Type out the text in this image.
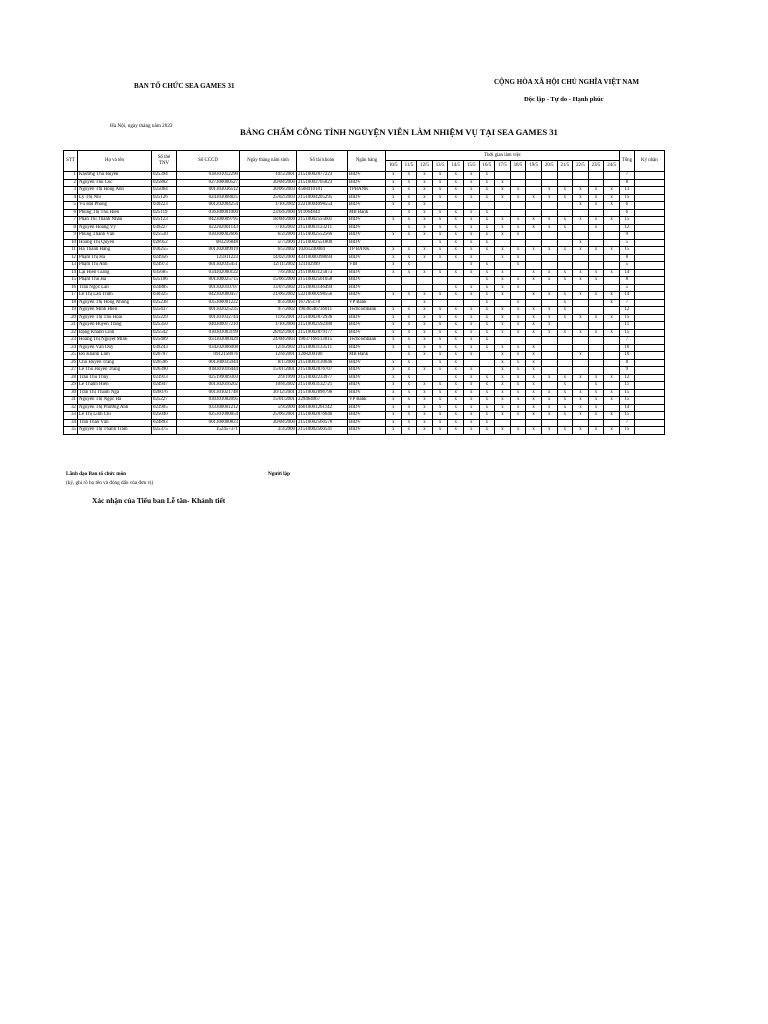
BAN TỔ CHỨC SEA GAMES 31	CỘNG HÒA XÃ HỘI CHỦ NGHĨA VIỆT NAM
Độc lập - Tự do - Hạnh phúc
Hà Nội, ngày tháng năm 2022
BẢNG CHẤM CÔNG TÌNH NGUYỆN VIÊN LÀM NHIỆM VỤ TẠI SEA GAMES 31
STT	Họ và tên	Số thẻ TNV	Số CCCD	Ngày tháng năm sinh	Số tài khoản	Ngân hàng	Thời gian làm việc															Tổng	Ký nhận
							10/5	11/5	12/5	13/5	14/5	15/5	16/5	17/5	18/5	19/5	20/5	21/5	22/5	23/5	24/5		
1	Khương Thu Huyền	025394	038301012290	10/5/2001	21510002877223	BIDV	x	x	x	x	x	x	x									7	
2	Nguyễn Thu Cúc	025802	027300000527	30/08/2000	21510002705823	BIDV	x	x	x	x	x	x	x	x								8	
3	Nguyễn Thị Hồng Anh	025064	001303036512	30/06/2003	4508410101	TPBANK	x	x	x	x	x	x	x	x	x		x	x	x	x	x	13	
4	Lý Thị Nhi	025126	024303008825	25/02/2003	21510004205295	BIDV	x	x	x	x	x	x	x	x	x	x	x	x	x	x	x	15	
5	Vũ Hải Phong	030223	001202004254	1/10/2002	22210004098554	BIDV	x	x	x										x	x	x	6	
6	Phùng Thị Thu Hiền	025119	036300001000	23/04/2000	911064844	MB Bank		x	x	x	x	x	x									6	
7	Phan Thị Thanh Nhàn	025123	042300009795	18/08/2000	21510002555601	BIDV	x	x	x	x	x	x	x	x	x	x	x	x	x	x	x	15	
8	Nguyễn Hoàng Vỹ	030227	022202001143	7/10/2002	21510003123211	BIDV		x	x	x	x	x	x	x	x	x	x	x		x		12	
9	Phùng Thanh Vân	025530	030300002606	6/2/2000	21510002552566	BIDV	x	x	x	x	x	x	x	x	x							9	
10	Hoàng Thị Quyên	026952	083216848	5/7/2000	21510002551800	BIDV				x	x	x	x						x			5	
11	Hà Thanh Hằng	030255	001302009919	6/5/2002	10261240004	TP BANK	x	x	x	x	x	x	x	x	x	x	x	x	x	x	x	15	
12	Phạm Thị Hà	024956	125911223	14/02/2000	43310000398694	BIDV	x	x	x	x	x	x		x	x							8	
13	Phạm Thị Anh	024973	001302035451	12/11/2002	121102999	VIB	x	x				x	x		x							5	
14	Lại Hiền Giang	035685	034302000122	7/6/2002	21510003125873	BIDV	x	x	x	x	x	x	x	x		x	x	x	x	x	x	14	
15	Phạm Thu Hà	025106	001300025715	15/06/2000	21510002561058	BIDV							x	x	x	x	x	x	x	x		8	
16	Trần Ngọc Lan	024885	001302010707	13/07/2002	21510003146494	BIDV					x	x	x	x	x							5	
17	Lê Thị Lan Trinh	030325	042302000457	21/06/2002	52210000198556	BIDV	x	x	x	x	x	x	x	x		x	x	x	x	x	x	14	
18	Nguyễn Thị Hồng Nhung	025238	035300001222	8/3/2000	167265178	VP Bank			x				x		x			x			x	7	
19	Nguyễn Minh Hiền	025437	001302025235	9/7/2002	19036546736011	Techcombank	x	x	x	x	x	x	x	x	x	x	x	x				12	
20	Nguyễn Thị Thu Hoài	025229	001301032744	11/6/2001	21510002872936	BIDV	x	x	x	x	x	x	x	x	x	x	x	x	x	x	x	15	
21	Nguyễn Huyền Trang	025350	040300017210	1/10/2000	21510002592380	BIDV	x	x	x	x	x	x	x	x	x	x	x					11	
22	Đặng Khánh Linh	025542	030301003199	28/02/2001	21510002879177	BIDV	x	x	x	x	x	x	x	x	x	x	x	x	x	x	x	15	
23	Hoàng Thị Nguyệt Minh	025409	033303000429	24/08/2003	19037168113015	Techcombank	x	x	x	x	x	x	x									7	
24	Nguyễn Văn Duy	030243	034202006008	12/4/2002	21510003133511	BIDV	x	x	x	x	x	x	x	x	x	x						10	
25	Đỗ Khánh Linh	026707	09121580​76	12/8/2001	1208200100	MB Bank		x	x	x	x	x		x	x	x			x			10	
26	Chu Huyền Trang	026596	001300035944	8/1/2000	21510003130646	BIDV	x	x		x	x			x	x	x						8	
27	Lê Thu Huyền Trang	026390	038301016444	15/01/2001	21510002876707	BIDV	x	x	x	x	x	x		x	x	x						9	
28	Trần Thu Thủy	023913	025199009303	2/9/1999	21510002233977	BIDV	x	x			x	x	x	x	x	x	x	x	x	x	x	12	
29	Lê Thanh Hiền	024947	001302016262	10/8/2002	21510003132721	BIDV	x	x	x	x	x	x	x	x	x	x		x		x		11	
30	Trần Thị Thanh Nga	026076	001301021748	30/12/2001	21510002896796	BIDV	x	x	x	x	x	x	x	x	x	x	x	x	x	x	x	15	
31	Nguyễn Thị Ngọc Hà	025227	030301002095	15/01/2001	229464067	VP Bank	x	x	x	x	x	x	x	x	x	x	x	x	x	x	x	15	
32	Nguyễn Thị Phương Anh	023905	033300001212	5/9/2000	46610001261142	BIDV	x	x	x	x	x	x	x	x	x	x	x	x	x	x		14	
33	Lê Thị Linh Chi	025040	025301000054	25/06/2001	21510002876646	BIDV	x	x	x	x	x	x	x	x	x	x	x	x	x	x	x	15	
34	Trần Thảo Vân	024893	001300000823	30/08/2000	21510002560578	BIDV	x	x	x	x	x	x	x									7	
35	Nguyễn Thị Thanh Trâm	025375	152457371	3/3/2000	21510002560541	BIDV	x	x	x	x	x	x	x	x	x	x	x	x	x	x	x	15	
Lãnh đạo Ban tổ chức môn	Người lập
(ký, ghi rõ họ tên và đóng dấu của đơn vị)
Xác nhận của Tiểu ban Lễ tân- Khánh tiết
